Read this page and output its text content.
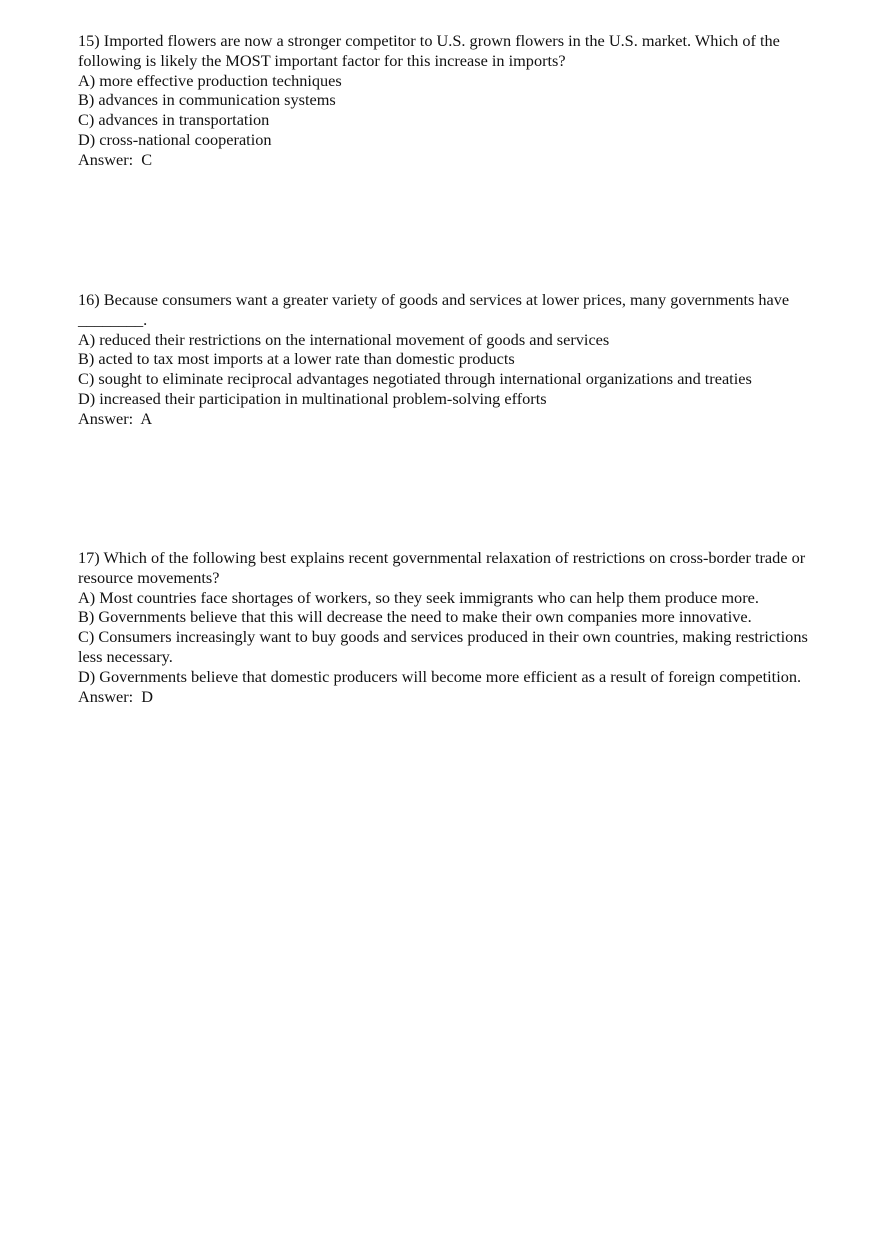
15) Imported flowers are now a stronger competitor to U.S. grown flowers in the U.S. market. Which of the following is likely the MOST important factor for this increase in imports?
A) more effective production techniques
B) advances in communication systems
C) advances in transportation
D) cross-national cooperation
Answer:  C
16) Because consumers want a greater variety of goods and services at lower prices, many governments have ________.
A) reduced their restrictions on the international movement of goods and services
B) acted to tax most imports at a lower rate than domestic products
C) sought to eliminate reciprocal advantages negotiated through international organizations and treaties
D) increased their participation in multinational problem-solving efforts
Answer:  A
17) Which of the following best explains recent governmental relaxation of restrictions on cross-border trade or resource movements?
A) Most countries face shortages of workers, so they seek immigrants who can help them produce more.
B) Governments believe that this will decrease the need to make their own companies more innovative.
C) Consumers increasingly want to buy goods and services produced in their own countries, making restrictions less necessary.
D) Governments believe that domestic producers will become more efficient as a result of foreign competition.
Answer:  D
